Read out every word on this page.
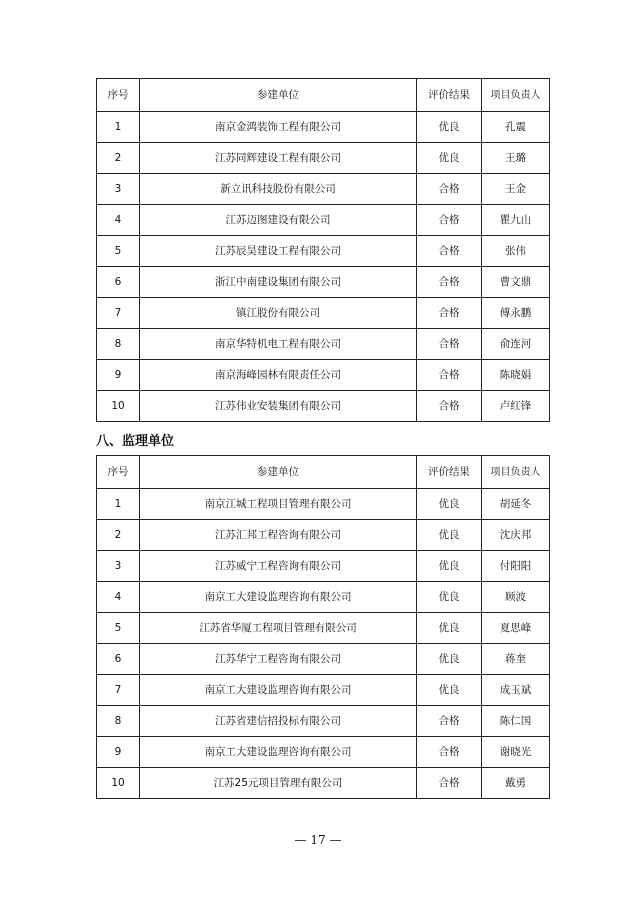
序号	参建单位	评价结果	项目负责人
1	南京金鸿装饰工程有限公司	优良	孔震
2	江苏同辉建设工程有限公司	优良	王璐
3	新立讯科技股份有限公司	合格	王金
4	江苏迈图建设有限公司	合格	瞿九山
5	江苏辰昊建设工程有限公司	合格	张伟
6	浙江中南建设集团有限公司	合格	曹文鼎
7	镇江股份有限公司	合格	傅永鹏
8	南京华特机电工程有限公司	合格	俞连河
9	南京海峰园林有限责任公司	合格	陈晓娟
10	江苏伟业安装集团有限公司	合格	卢红锋
八、监理单位
序号	参建单位	评价结果	项目负责人
1	南京江城工程项目管理有限公司	优良	胡延冬
2	江苏汇邦工程咨询有限公司	优良	沈庆邦
3	江苏威宁工程咨询有限公司	优良	付阳阳
4	南京工大建设监理咨询有限公司	优良	顾波
5	江苏省华厦工程项目管理有限公司	优良	夏思峰
6	江苏华宁工程咨询有限公司	优良	蒋奎
7	南京工大建设监理咨询有限公司	优良	成玉斌
8	江苏省建信招投标有限公司	合格	陈仁国
9	南京工大建设监理咨询有限公司	合格	谢晓光
10	江苏25元项目管理有限公司	合格	戴勇
— 17 —
